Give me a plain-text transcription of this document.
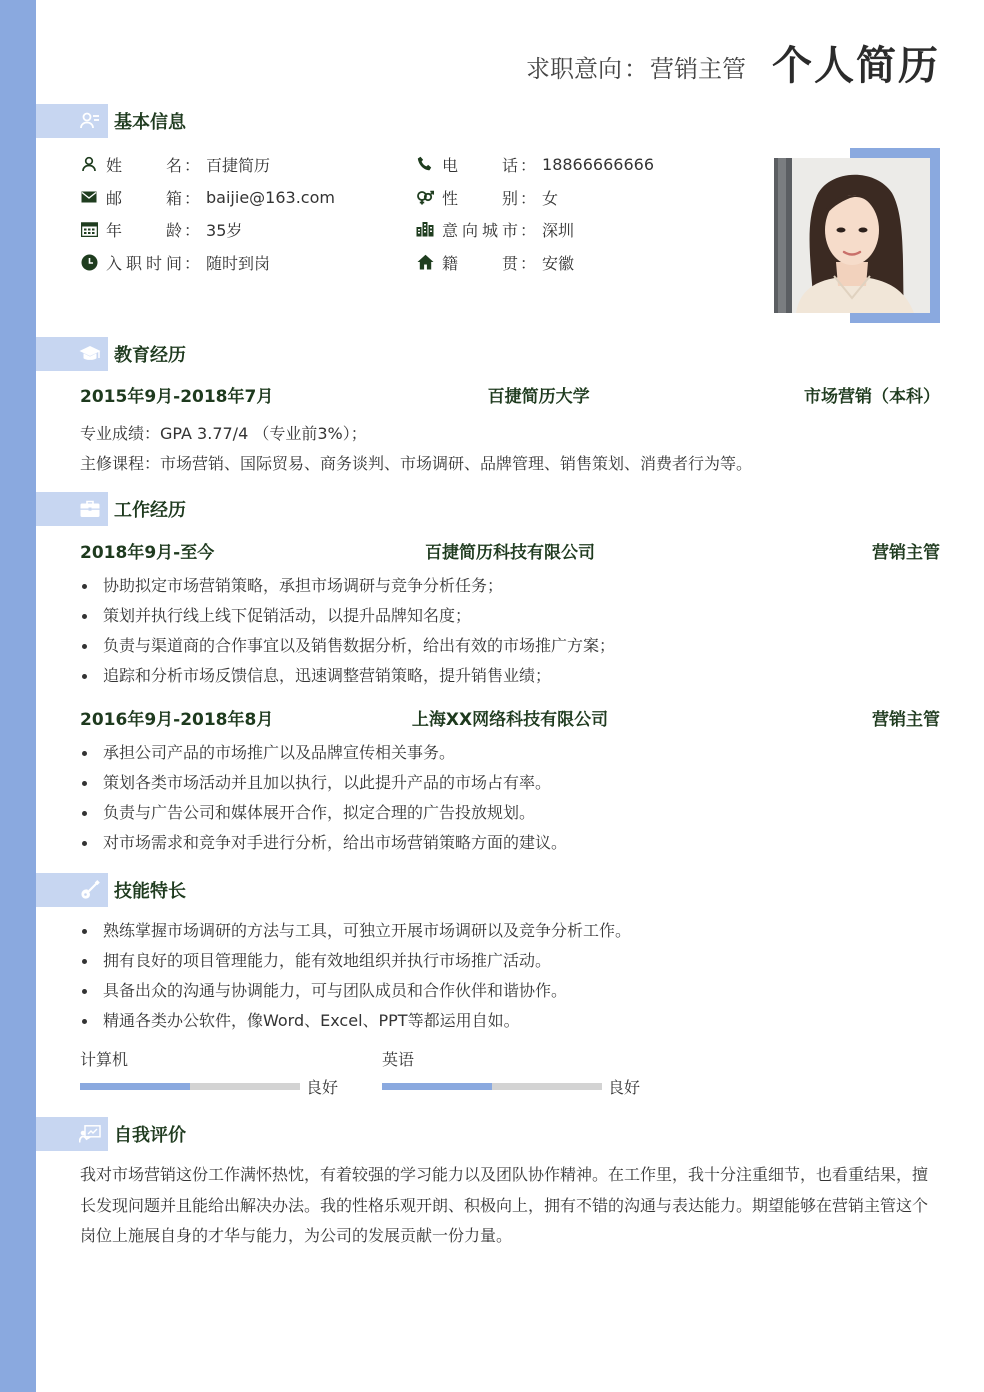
求职意向：营销主管 个人简历
基本信息
姓名 ： 百捷简历
邮箱 ： baijie@163.com
年龄 ： 35岁
入职时间 ： 随时到岗
电话 ： 18866666666
性别 ： 女
意向城市 ： 深圳
籍贯 ： 安徽
教育经历
2015年9月-2018年7月	百捷简历大学	市场营销（本科）
专业成绩：GPA 3.77/4 （专业前3%）；
主修课程：市场营销、国际贸易、商务谈判、市场调研、品牌管理、销售策划、消费者行为等。
工作经历
2018年9月-至今	百捷简历科技有限公司	营销主管
协助拟定市场营销策略，承担市场调研与竞争分析任务；
策划并执行线上线下促销活动，以提升品牌知名度；
负责与渠道商的合作事宜以及销售数据分析，给出有效的市场推广方案；
追踪和分析市场反馈信息，迅速调整营销策略，提升销售业绩；
2016年9月-2018年8月	上海XX网络科技有限公司	营销主管
承担公司产品的市场推广以及品牌宣传相关事务。
策划各类市场活动并且加以执行，以此提升产品的市场占有率。
负责与广告公司和媒体展开合作，拟定合理的广告投放规划。
对市场需求和竞争对手进行分析，给出市场营销策略方面的建议。
技能特长
熟练掌握市场调研的方法与工具，可独立开展市场调研以及竞争分析工作。
拥有良好的项目管理能力，能有效地组织并执行市场推广活动。
具备出众的沟通与协调能力，可与团队成员和合作伙伴和谐协作。
精通各类办公软件，像Word、Excel、PPT等都运用自如。
计算机
良好
英语
良好
自我评价
我对市场营销这份工作满怀热忱，有着较强的学习能力以及团队协作精神。在工作里，我十分注重细节，也看重结果，擅长发现问题并且能给出解决办法。我的性格乐观开朗、积极向上，拥有不错的沟通与表达能力。期望能够在营销主管这个岗位上施展自身的才华与能力，为公司的发展贡献一份力量。
